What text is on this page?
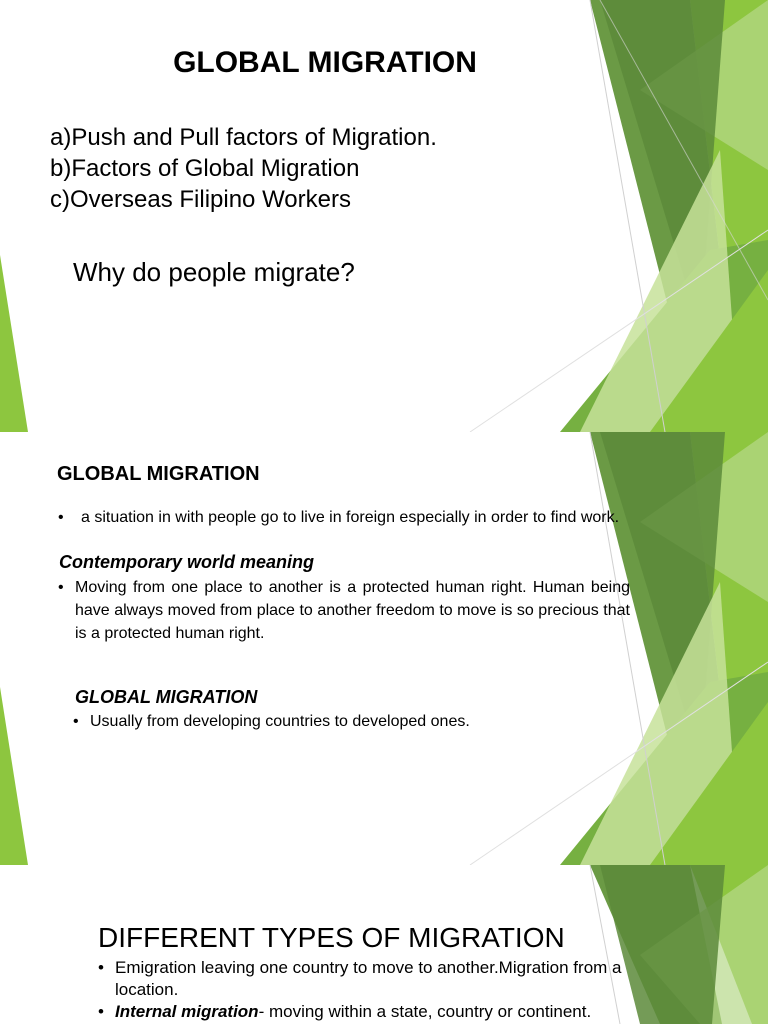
GLOBAL MIGRATION
a)Push and Pull factors of Migration.
b)Factors of Global Migration
c)Overseas Filipino Workers
Why do people migrate?
GLOBAL MIGRATION
•	a situation in with people go to live in foreign especially in order to find work.
Contemporary world meaning
• Moving from one place to another is a protected human right. Human being have always moved from place to another freedom to move is so precious that is a protected human right.
GLOBAL MIGRATION
• Usually from developing countries to developed ones.
DIFFERENT TYPES OF MIGRATION
• Emigration leaving one country to move to another.Migration from a location.
• Internal migration- moving within a state, country or continent.
